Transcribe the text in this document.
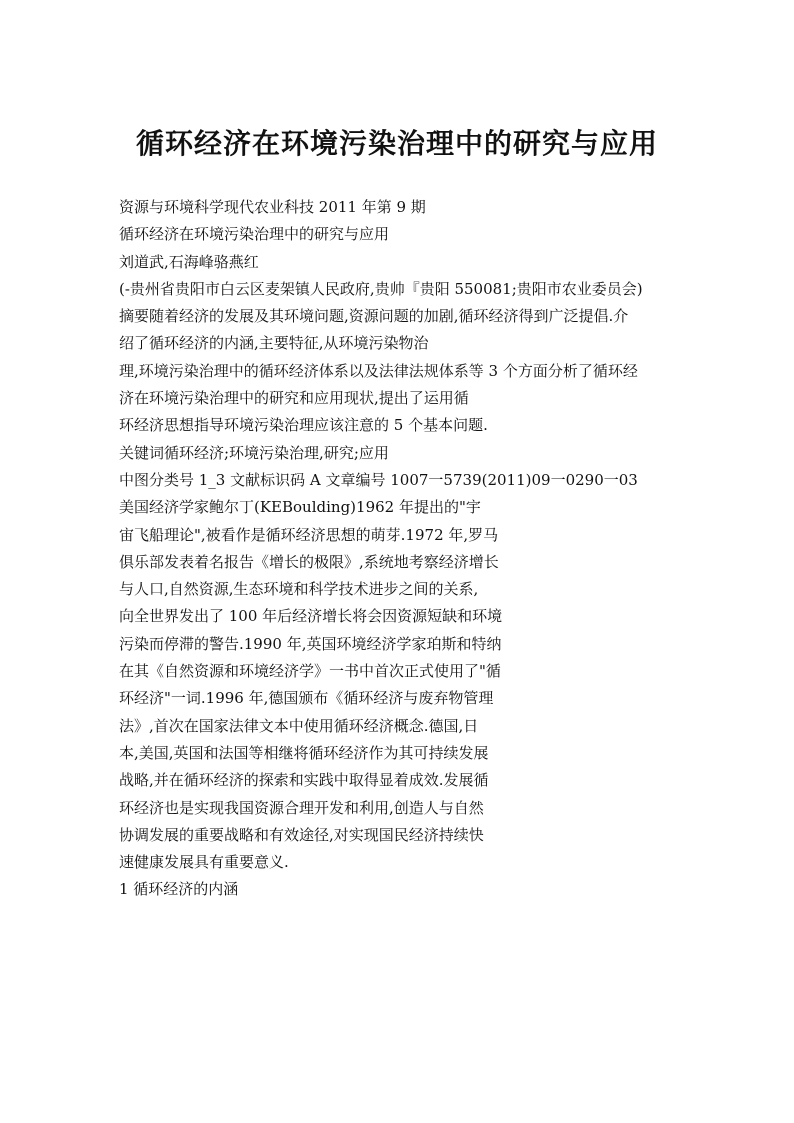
循环经济在环境污染治理中的研究与应用

资源与环境科学现代农业科技 2011 年第 9 期

循环经济在环境污染治理中的研究与应用

刘道武,石海峰骆燕红

(-贵州省贵阳市白云区麦架镇人民政府,贵帅『贵阳 550081;贵阳市农业委员会)

摘要随着经济的发展及其环境问题,资源问题的加剧,循环经济得到广泛提倡.介

绍了循环经济的内涵,主要特征,从环境污染物治

理,环境污染治理中的循环经济体系以及法律法规体系等 3 个方面分析了循环经

济在环境污染治理中的研究和应用现状,提出了运用循

环经济思想指导环境污染治理应该注意的 5 个基本问题.

关键词循环经济;环境污染治理,研究;应用

中图分类号 1_3 文献标识码 A 文章编号 1007一5739(2011)09一0290一03

美国经济学家鲍尔丁(KEBoulding)1962 年提出的"宇

宙飞船理论",被看作是循环经济思想的萌芽.1972 年,罗马

俱乐部发表着名报告《增长的极限》,系统地考察经济增长

与人口,自然资源,生态环境和科学技术进步之间的关系,

向全世界发出了 100 年后经济增长将会因资源短缺和环境

污染而停滞的警告.1990 年,英国环境经济学家珀斯和特纳

在其《自然资源和环境经济学》一书中首次正式使用了"循

环经济"一词.1996 年,德国颁布《循环经济与废弃物管理

法》,首次在国家法律文本中使用循环经济概念.德国,日

本,美国,英国和法国等相继将循环经济作为其可持续发展

战略,并在循环经济的探索和实践中取得显着成效.发展循

环经济也是实现我国资源合理开发和利用,创造人与自然

协调发展的重要战略和有效途径,对实现国民经济持续快

速健康发展具有重要意义.

1 循环经济的内涵
